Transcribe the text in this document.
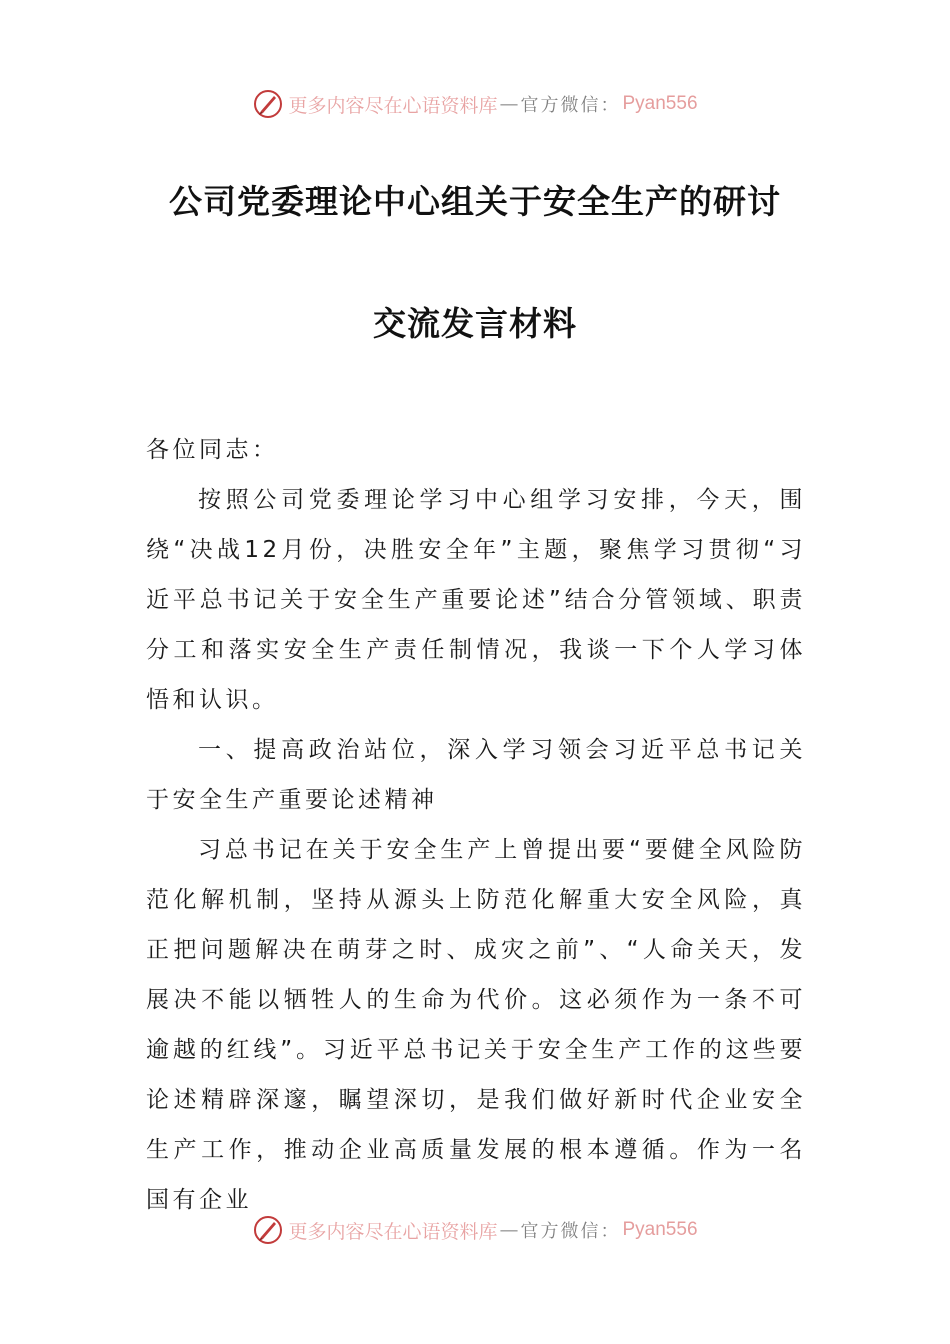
更多内容尽在心语资料库 — 官方微信： Pyan556
公司党委理论中心组关于安全生产的研讨
交流发言材料

各位同志：

按照公司党委理论学习中心组学习安排，今天，围绕“决战12月份，决胜安全年”主题，聚焦学习贯彻“习近平总书记关于安全生产重要论述”结合分管领域、职责分工和落实安全生产责任制情况，我谈一下个人学习体悟和认识。

一、提高政治站位，深入学习领会习近平总书记关于安全生产重要论述精神

习总书记在关于安全生产上曾提出要“要健全风险防范化解机制，坚持从源头上防范化解重大安全风险，真正把问题解决在萌芽之时、成灾之前”、“人命关天，发展决不能以牺牲人的生命为代价。这必须作为一条不可逾越的红线”。习近平总书记关于安全生产工作的这些要论述精辟深邃，瞩望深切，是我们做好新时代企业安全生产工作，推动企业高质量发展的根本遵循。作为一名国有企业

更多内容尽在心语资料库 — 官方微信： Pyan556
